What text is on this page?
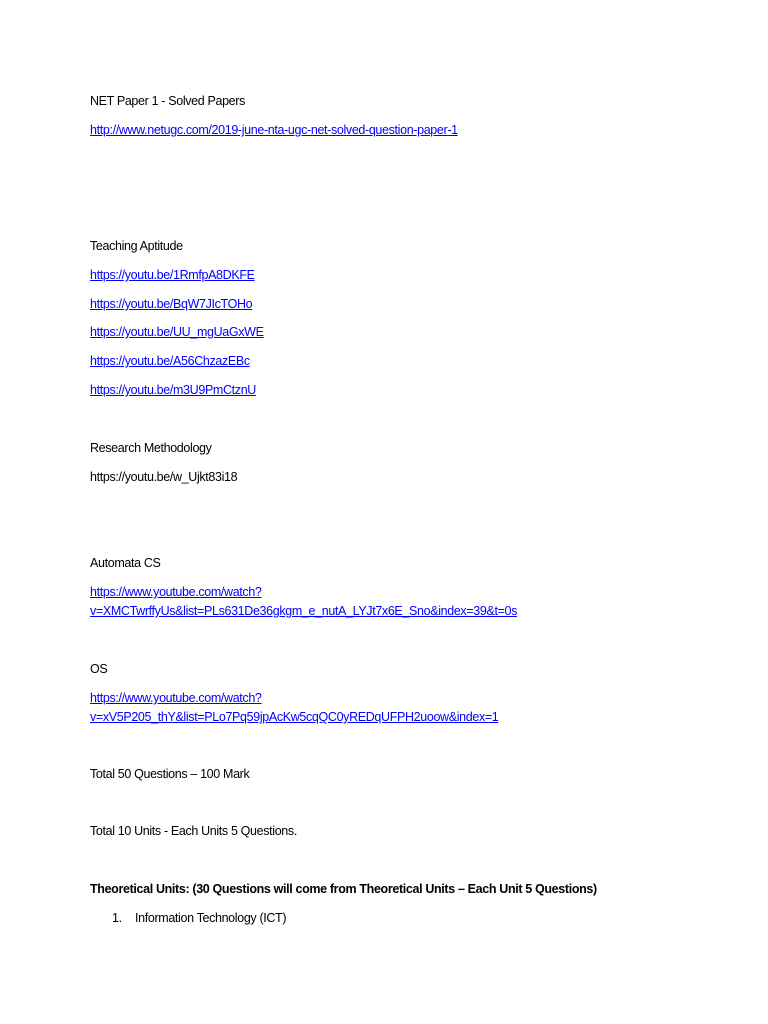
NET Paper 1 - Solved Papers
http://www.netugc.com/2019-june-nta-ugc-net-solved-question-paper-1
Teaching Aptitude
https://youtu.be/1RmfpA8DKFE
https://youtu.be/BqW7JIcTOHo
https://youtu.be/UU_mgUaGxWE
https://youtu.be/A56ChzazEBc
https://youtu.be/m3U9PmCtznU
Research Methodology
https://youtu.be/w_Ujkt83i18
Automata CS
https://www.youtube.com/watch?
v=XMCTwrffyUs&list=PLs631De36gkgm_e_nutA_LYJt7x6E_Sno&index=39&t=0s
OS
https://www.youtube.com/watch?
v=xV5P205_thY&list=PLo7Pq59jpAcKw5cqQC0yREDqUFPH2uoow&index=1
Total 50 Questions – 100 Mark
Total 10 Units - Each Units 5 Questions.
Theoretical Units: (30 Questions will come from Theoretical Units – Each Unit 5 Questions)
1. Information Technology (ICT)
